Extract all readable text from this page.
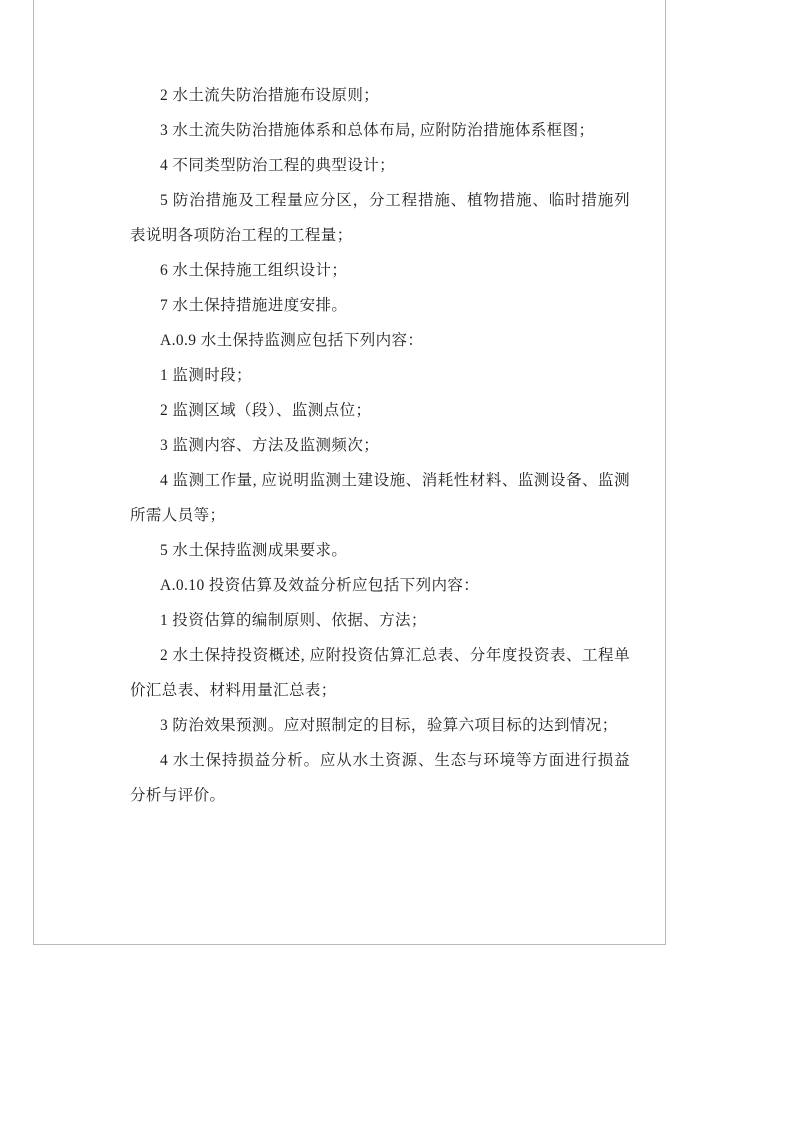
2 水土流失防治措施布设原则；

3 水土流失防治措施体系和总体布局, 应附防治措施体系框图；

4 不同类型防治工程的典型设计；

5 防治措施及工程量应分区，分工程措施、植物措施、临时措施列表说明各项防治工程的工程量；

6 水土保持施工组织设计；

7 水土保持措施进度安排。

A.0.9 水土保持监测应包括下列内容：

1 监测时段；

2 监测区域（段）、监测点位；

3 监测内容、方法及监测频次；

4 监测工作量, 应说明监测土建设施、消耗性材料、监测设备、监测所需人员等；

5 水土保持监测成果要求。

A.0.10 投资估算及效益分析应包括下列内容：

1 投资估算的编制原则、依据、方法；

2 水土保持投资概述, 应附投资估算汇总表、分年度投资表、工程单价汇总表、材料用量汇总表；

3 防治效果预测。应对照制定的目标，验算六项目标的达到情况；

4 水土保持损益分析。应从水土资源、生态与环境等方面进行损益分析与评价。
